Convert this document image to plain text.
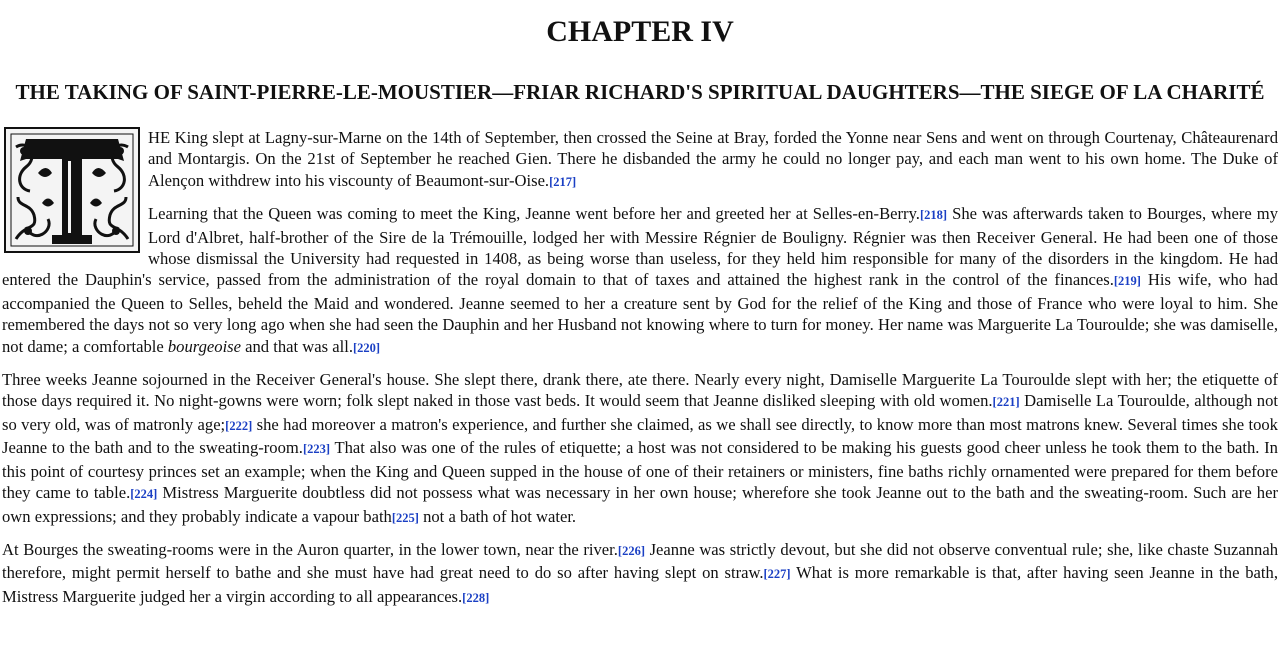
CHAPTER IV
THE TAKING OF SAINT-PIERRE-LE-MOUSTIER—FRIAR RICHARD'S SPIRITUAL DAUGHTERS—THE SIEGE OF LA CHARITÉ

HE King slept at Lagny-sur-Marne on the 14th of September, then crossed the Seine at Bray, forded the Yonne near Sens and went on through Courtenay, Châteaurenard and Montargis. On the 21st of September he reached Gien. There he disbanded the army he could no longer pay, and each man went to his own home. The Duke of Alençon withdrew into his viscounty of Beaumont-sur-Oise.[217]

Learning that the Queen was coming to meet the King, Jeanne went before her and greeted her at Selles-en-Berry.[218] She was afterwards taken to Bourges, where my Lord d'Albret, half-brother of the Sire de la Trémouille, lodged her with Messire Régnier de Bouligny. Régnier was then Receiver General. He had been one of those whose dismissal the University had requested in 1408, as being worse than useless, for they held him responsible for many of the disorders in the kingdom. He had entered the Dauphin's service, passed from the administration of the royal domain to that of taxes and attained the highest rank in the control of the finances.[219] His wife, who had accompanied the Queen to Selles, beheld the Maid and wondered. Jeanne seemed to her a creature sent by God for the relief of the King and those of France who were loyal to him. She remembered the days not so very long ago when she had seen the Dauphin and her Husband not knowing where to turn for money. Her name was Marguerite La Touroulde; she was damiselle, not dame; a comfortable bourgeoise and that was all.[220]

Three weeks Jeanne sojourned in the Receiver General's house. She slept there, drank there, ate there. Nearly every night, Damiselle Marguerite La Touroulde slept with her; the etiquette of those days required it. No night-gowns were worn; folk slept naked in those vast beds. It would seem that Jeanne disliked sleeping with old women.[221] Damiselle La Touroulde, although not so very old, was of matronly age;[222] she had moreover a matron's experience, and further she claimed, as we shall see directly, to know more than most matrons knew. Several times she took Jeanne to the bath and to the sweating-room.[223] That also was one of the rules of etiquette; a host was not considered to be making his guests good cheer unless he took them to the bath. In this point of courtesy princes set an example; when the King and Queen supped in the house of one of their retainers or ministers, fine baths richly ornamented were prepared for them before they came to table.[224] Mistress Marguerite doubtless did not possess what was necessary in her own house; wherefore she took Jeanne out to the bath and the sweating-room. Such are her own expressions; and they probably indicate a vapour bath[225] not a bath of hot water.

At Bourges the sweating-rooms were in the Auron quarter, in the lower town, near the river.[226] Jeanne was strictly devout, but she did not observe conventual rule; she, like chaste Suzannah therefore, might permit herself to bathe and she must have had great need to do so after having slept on straw.[227] What is more remarkable is that, after having seen Jeanne in the bath, Mistress Marguerite judged her a virgin according to all appearances.[228]
